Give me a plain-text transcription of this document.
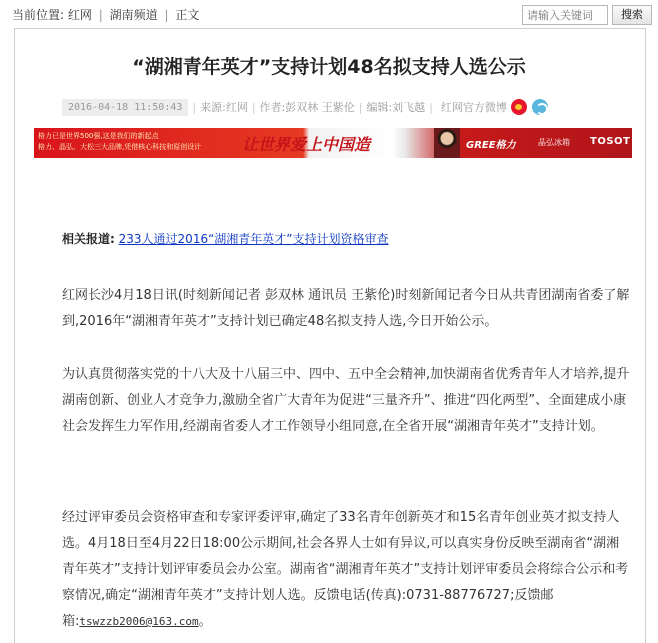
当前位置: 红网 | 湖南频道 | 正文
请输入关键词	搜索
“湖湘青年英才”支持计划48名拟支持人选公示
2016-04-18 11:50:43 | 来源:红网 | 作者:彭双林 王紫伦 | 编辑:刘飞越 | 红网官方微博
格力已是世界500强,这是我们的新起点
格力、晶弘、大松三大品牌,凭借核心科技和原创设计	让世界爱上中国造	GREE格力	晶弘冰箱 TOSOT
相关报道: 233人通过2016“湖湘青年英才”支持计划资格审查

红网长沙4月18日讯(时刻新闻记者 彭双林 通讯员 王紫伦)时刻新闻记者今日从共青团湖南省委了解到,2016年“湖湘青年英才”支持计划已确定48名拟支持人选,今日开始公示。

为认真贯彻落实党的十八大及十八届三中、四中、五中全会精神,加快湖南省优秀青年人才培养,提升湖南创新、创业人才竞争力,激励全省广大青年为促进“三量齐升”、推进“四化两型”、全面建成小康社会发挥生力军作用,经湖南省委人才工作领导小组同意,在全省开展“湖湘青年英才”支持计划。

经过评审委员会资格审查和专家评委评审,确定了33名青年创新英才和15名青年创业英才拟支持人选。4月18日至4月22日18:00公示期间,社会各界人士如有异议,可以真实身份反映至湖南省“湖湘青年英才”支持计划评审委员会办公室。湖南省“湖湘青年英才”支持计划评审委员会将综合公示和考察情况,确定“湖湘青年英才”支持计划人选。反馈电话(传真):0731-88776727;反馈邮箱:tswzzb2006@163.com。
